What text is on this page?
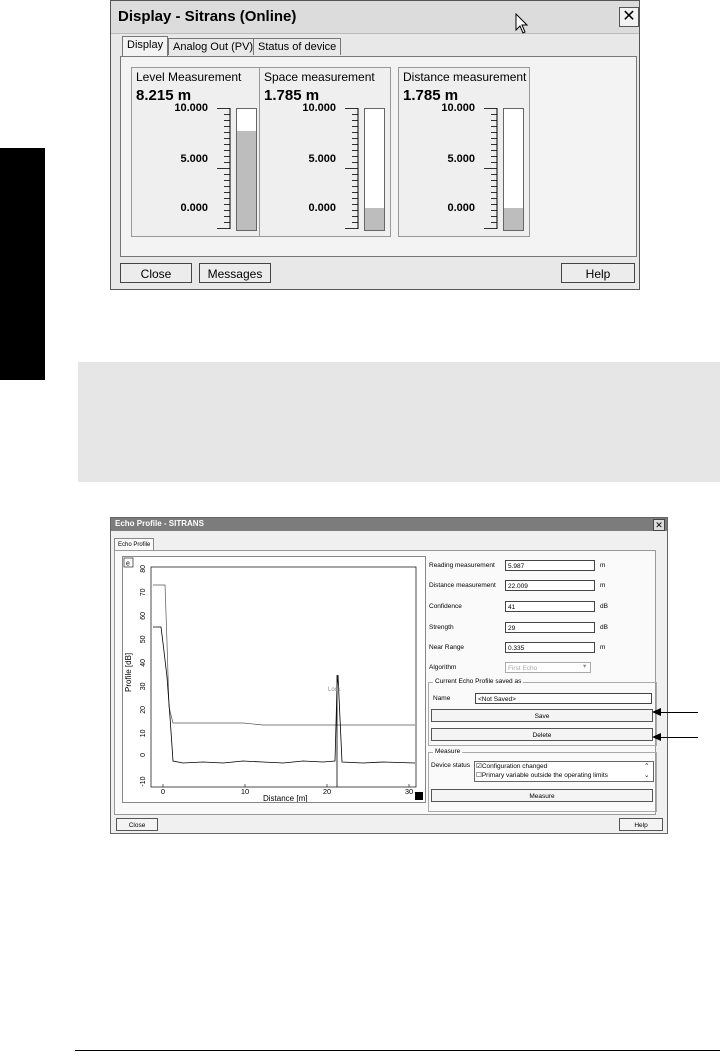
Display - Sitrans (Online)	✕
Display Analog Out (PV) Status of device
Level Measurement
8.215 m
10.000
5.000
0.000
Space measurement
1.785 m
10.000
5.000
0.000
Distance measurement
1.785 m
10.000
5.000
0.000
Close	Messages	Help
Echo Profile - SITRANS	✕
Echo Profile
e
80
70
60
50
40
30
20
10
0
-10
0	10	20	30
Lock
Profile [dB]
Distance [m]
Reading measurement	5.987	m
Distance measurement	22.009	m
Confidence	41	dB
Strength	29	dB
Near Range	0.335	m
Algorithm	First Echo	▾
Current Echo Profile saved as
Name	<Not Saved>
Save
Delete
Measure
Device status ☑Configuration changed
☐Primary variable outside the operating limits
⌃
⌄
Measure
Close	Help
